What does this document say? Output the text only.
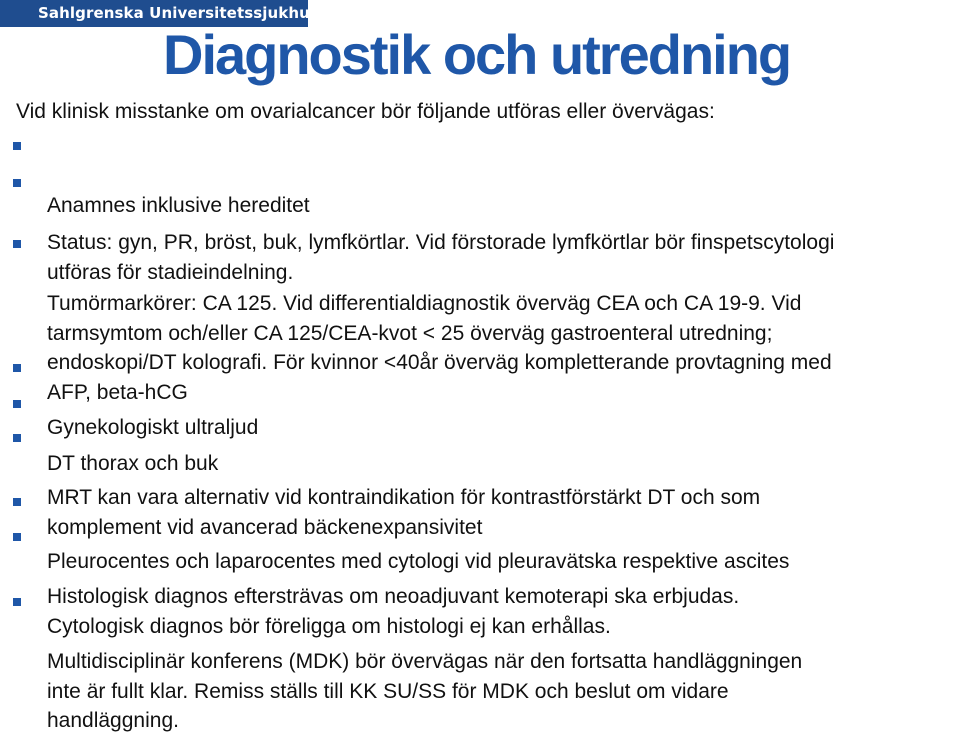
Sahlgrenska Universitetssjukhuset
Diagnostik och utredning
Vid klinisk misstanke om ovarialcancer bör följande utföras eller övervägas:

Anamnes inklusive hereditet

Status: gyn, PR, bröst, buk, lymfkörtlar. Vid förstorade lymfkörtlar bör finspetscytologi
utföras för stadieindelning.

Tumörmarkörer: CA 125. Vid differentialdiagnostik överväg CEA och CA 19-9. Vid
tarmsymtom och/eller CA 125/CEA-kvot < 25 överväg gastroenteral utredning;
endoskopi/DT kolografi. För kvinnor <40år överväg kompletterande provtagning med
AFP, beta-hCG

Gynekologiskt ultraljud

DT thorax och buk

MRT kan vara alternativ vid kontraindikation för kontrastförstärkt DT och som
komplement vid avancerad bäckenexpansivitet

Pleurocentes och laparocentes med cytologi vid pleuravätska respektive ascites

Histologisk diagnos eftersträvas om neoadjuvant kemoterapi ska erbjudas.
Cytologisk diagnos bör föreligga om histologi ej kan erhållas.

Multidisciplinär konferens (MDK) bör övervägas när den fortsatta handläggningen
inte är fullt klar. Remiss ställs till KK SU/SS för MDK och beslut om vidare
handläggning.
